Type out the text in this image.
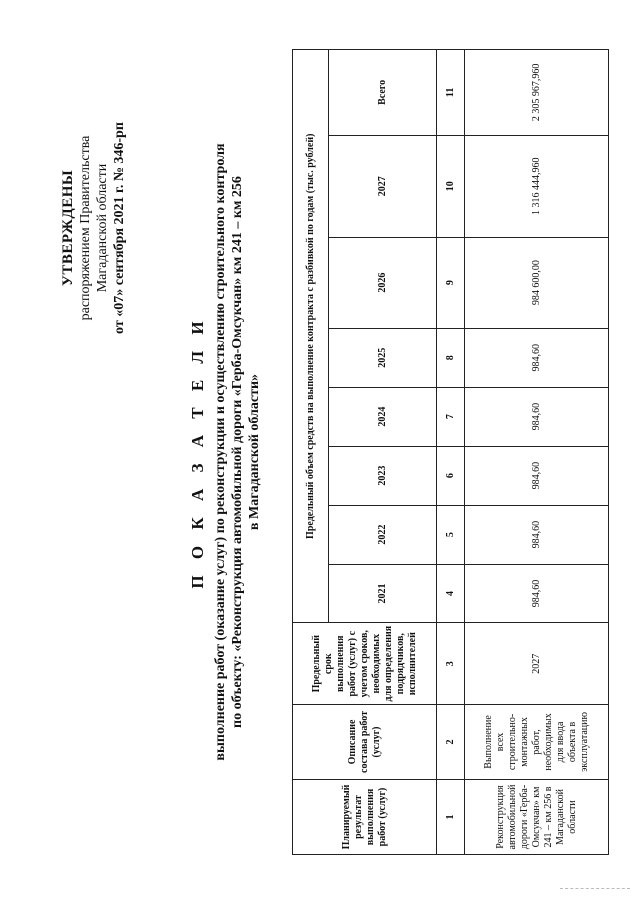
УТВЕРЖДЕНЫ распоряжением Правительства Магаданской области от «07» сентября 2021 г. № 346-рп
П О К А З А Т Е Л И выполнение работ (оказание услуг) по реконструкции и осуществлению строительного контроля по объекту: «Реконструкция автомобильной дороги «Герба-Омсукчан» км 241 – км 256 в Магаданской области»
Планируемый результат выполнения работ (услуг)	Описание состава работ (услуг)	Предельный срок выполнения работ (услуг) с учетом сроков, необходимых для определения подрядчиков, исполнителей	Предельный объем средств на выполнение контракта с разбивкой по годам (тыс. рублей)							
			2021	2022	2023	2024	2025	2026	2027	Всего
1	2	3	4	5	6	7	8	9	10	11
Реконструкция автомобильной дороги «Герба-Омсукчан» км 241 – км 256 в Магаданской области	Выполнение всех строительно-монтажных работ, необходимых для ввода объекта в эксплуатацию	2027	984,60	984,60	984,60	984,60	984,60	984 600,00	1 316 444,960	2 305 967,960
